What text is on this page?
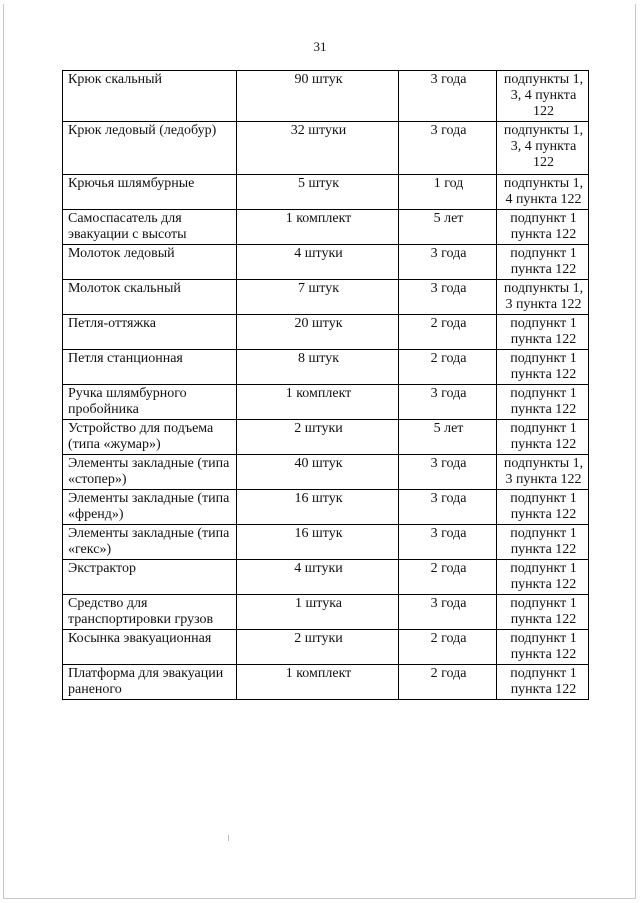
31
Крюк скальный	90 штук	3 года	подпункты 1, 3, 4 пункта 122
Крюк ледовый (ледобур)	32 штуки	3 года	подпункты 1, 3, 4 пункта 122
Крючья шлямбурные	5 штук	1 год	подпункты 1, 4 пункта 122
Самоспасатель для эвакуации с высоты	1 комплект	5 лет	подпункт 1 пункта 122
Молоток ледовый	4 штуки	3 года	подпункт 1 пункта 122
Молоток скальный	7 штук	3 года	подпункты 1, 3 пункта 122
Петля-оттяжка	20 штук	2 года	подпункт 1 пункта 122
Петля станционная	8 штук	2 года	подпункт 1 пункта 122
Ручка шлямбурного пробойника	1 комплект	3 года	подпункт 1 пункта 122
Устройство для подъема (типа «жумар»)	2 штуки	5 лет	подпункт 1 пункта 122
Элементы закладные (типа «стопер»)	40 штук	3 года	подпункты 1, 3 пункта 122
Элементы закладные (типа «френд»)	16 штук	3 года	подпункт 1 пункта 122
Элементы закладные (типа «гекс»)	16 штук	3 года	подпункт 1 пункта 122
Экстрактор	4 штуки	2 года	подпункт 1 пункта 122
Средство для транспортировки грузов	1 штука	3 года	подпункт 1 пункта 122
Косынка эвакуационная	2 штуки	2 года	подпункт 1 пункта 122
Платформа для эвакуации раненого	1 комплект	2 года	подпункт 1 пункта 122
